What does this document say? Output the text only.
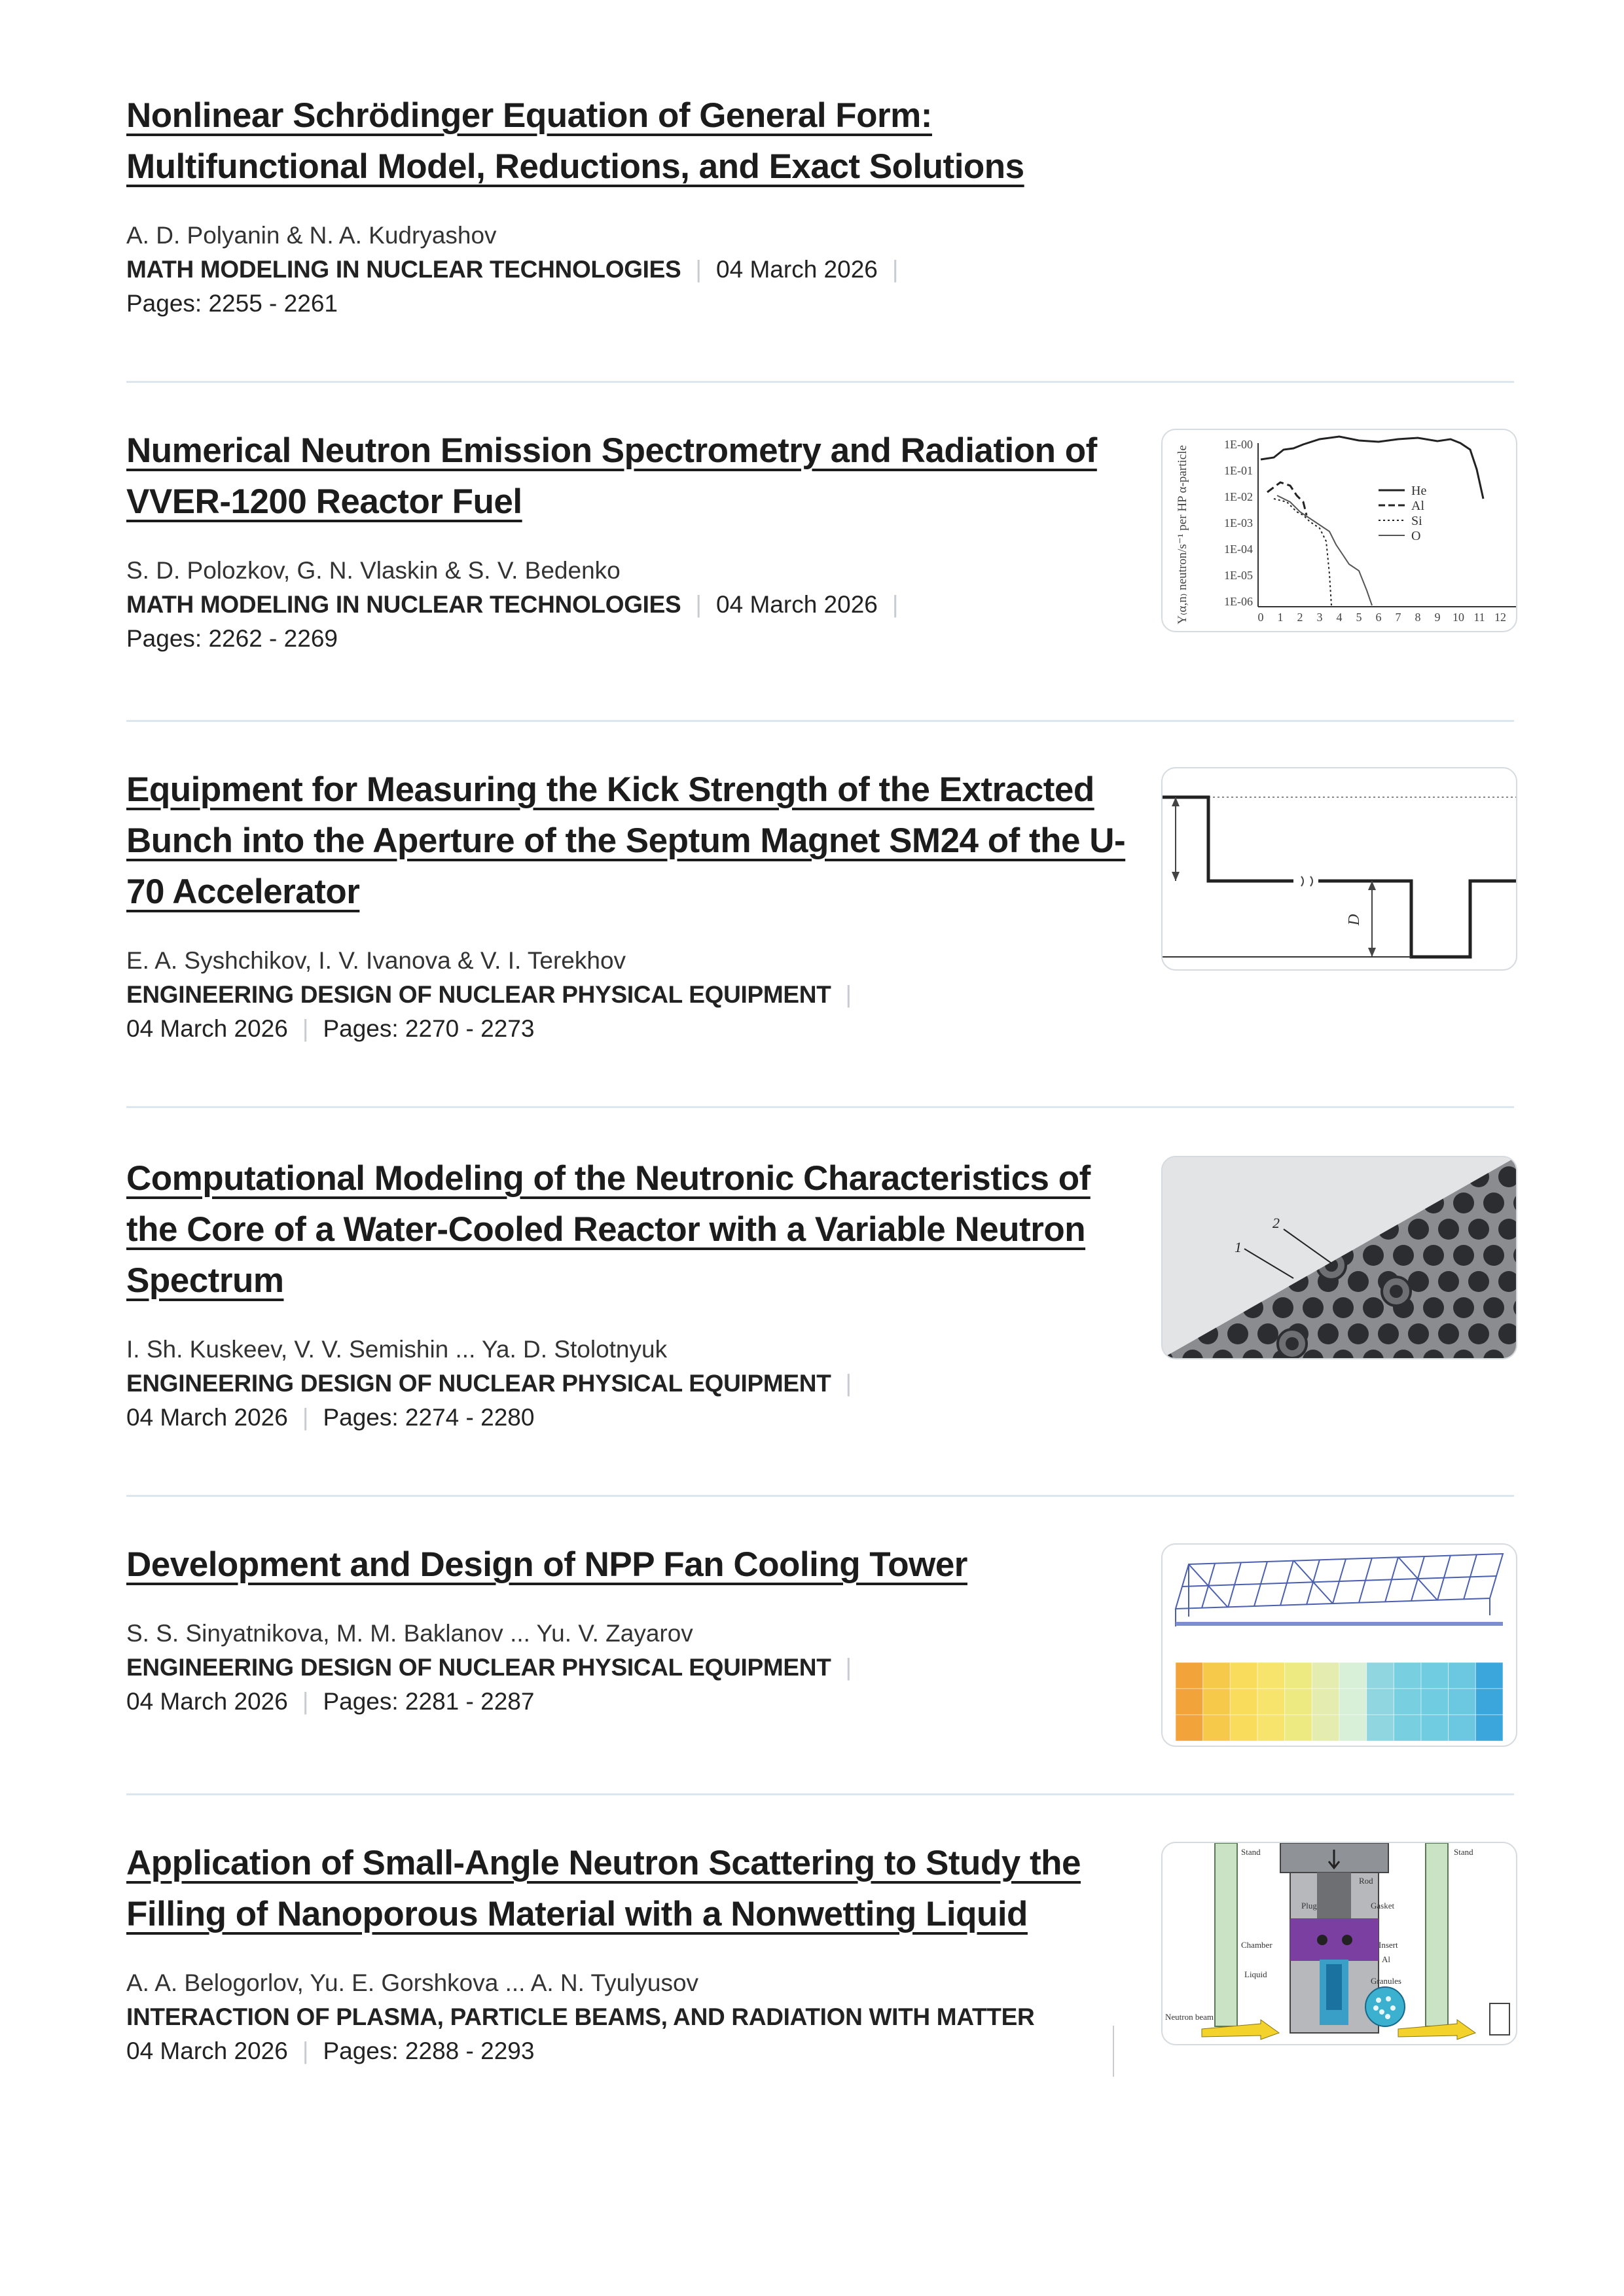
Nonlinear Schrödinger Equation of General Form: Multifunctional Model, Reductions, and Exact Solutions
A. D. Polyanin & N. A. Kudryashov
MATH MODELING IN NUCLEAR TECHNOLOGIES | 04 March 2026 |
Pages: 2255 - 2261
Numerical Neutron Emission Spectrometry and Radiation of VVER-1200 Reactor Fuel
S. D. Polozkov, G. N. Vlaskin & S. V. Bedenko
MATH MODELING IN NUCLEAR TECHNOLOGIES | 04 March 2026 |
Pages: 2262 - 2269
Y₍α,n₎ neutron/s⁻¹ per HP α-particle
1E-00
1E-01
1E-02
1E-03
1E-04
1E-05
1E-06
0 1 2 3 4 5 6 7 8 9 10 11 12
He
Al
Si
O
Equipment for Measuring the Kick Strength of the Extracted Bunch into the Aperture of the Septum Magnet SM24 of the U-70 Accelerator
E. A. Syshchikov, I. V. Ivanova & V. I. Terekhov
ENGINEERING DESIGN OF NUCLEAR PHYSICAL EQUIPMENT |
04 March 2026 | Pages: 2270 - 2273
D
Computational Modeling of the Neutronic Characteristics of the Core of a Water-Cooled Reactor with a Variable Neutron Spectrum
I. Sh. Kuskeev, V. V. Semishin ... Ya. D. Stolotnyuk
ENGINEERING DESIGN OF NUCLEAR PHYSICAL EQUIPMENT |
04 March 2026 | Pages: 2274 - 2280
2
1
Development and Design of NPP Fan Cooling Tower
S. S. Sinyatnikova, M. M. Baklanov ... Yu. V. Zayarov
ENGINEERING DESIGN OF NUCLEAR PHYSICAL EQUIPMENT |
04 March 2026 | Pages: 2281 - 2287
Application of Small-Angle Neutron Scattering to Study the Filling of Nanoporous Material with a Nonwetting Liquid
A. A. Belogorlov, Yu. E. Gorshkova ... A. N. Tyulyusov
INTERACTION OF PLASMA, PARTICLE BEAMS, AND RADIATION WITH MATTER
04 March 2026 | Pages: 2288 - 2293
Stand	Stand
Rod
Plug	Gasket
Chamber	Insert
Al
Liquid
Granules
Neutron beam
